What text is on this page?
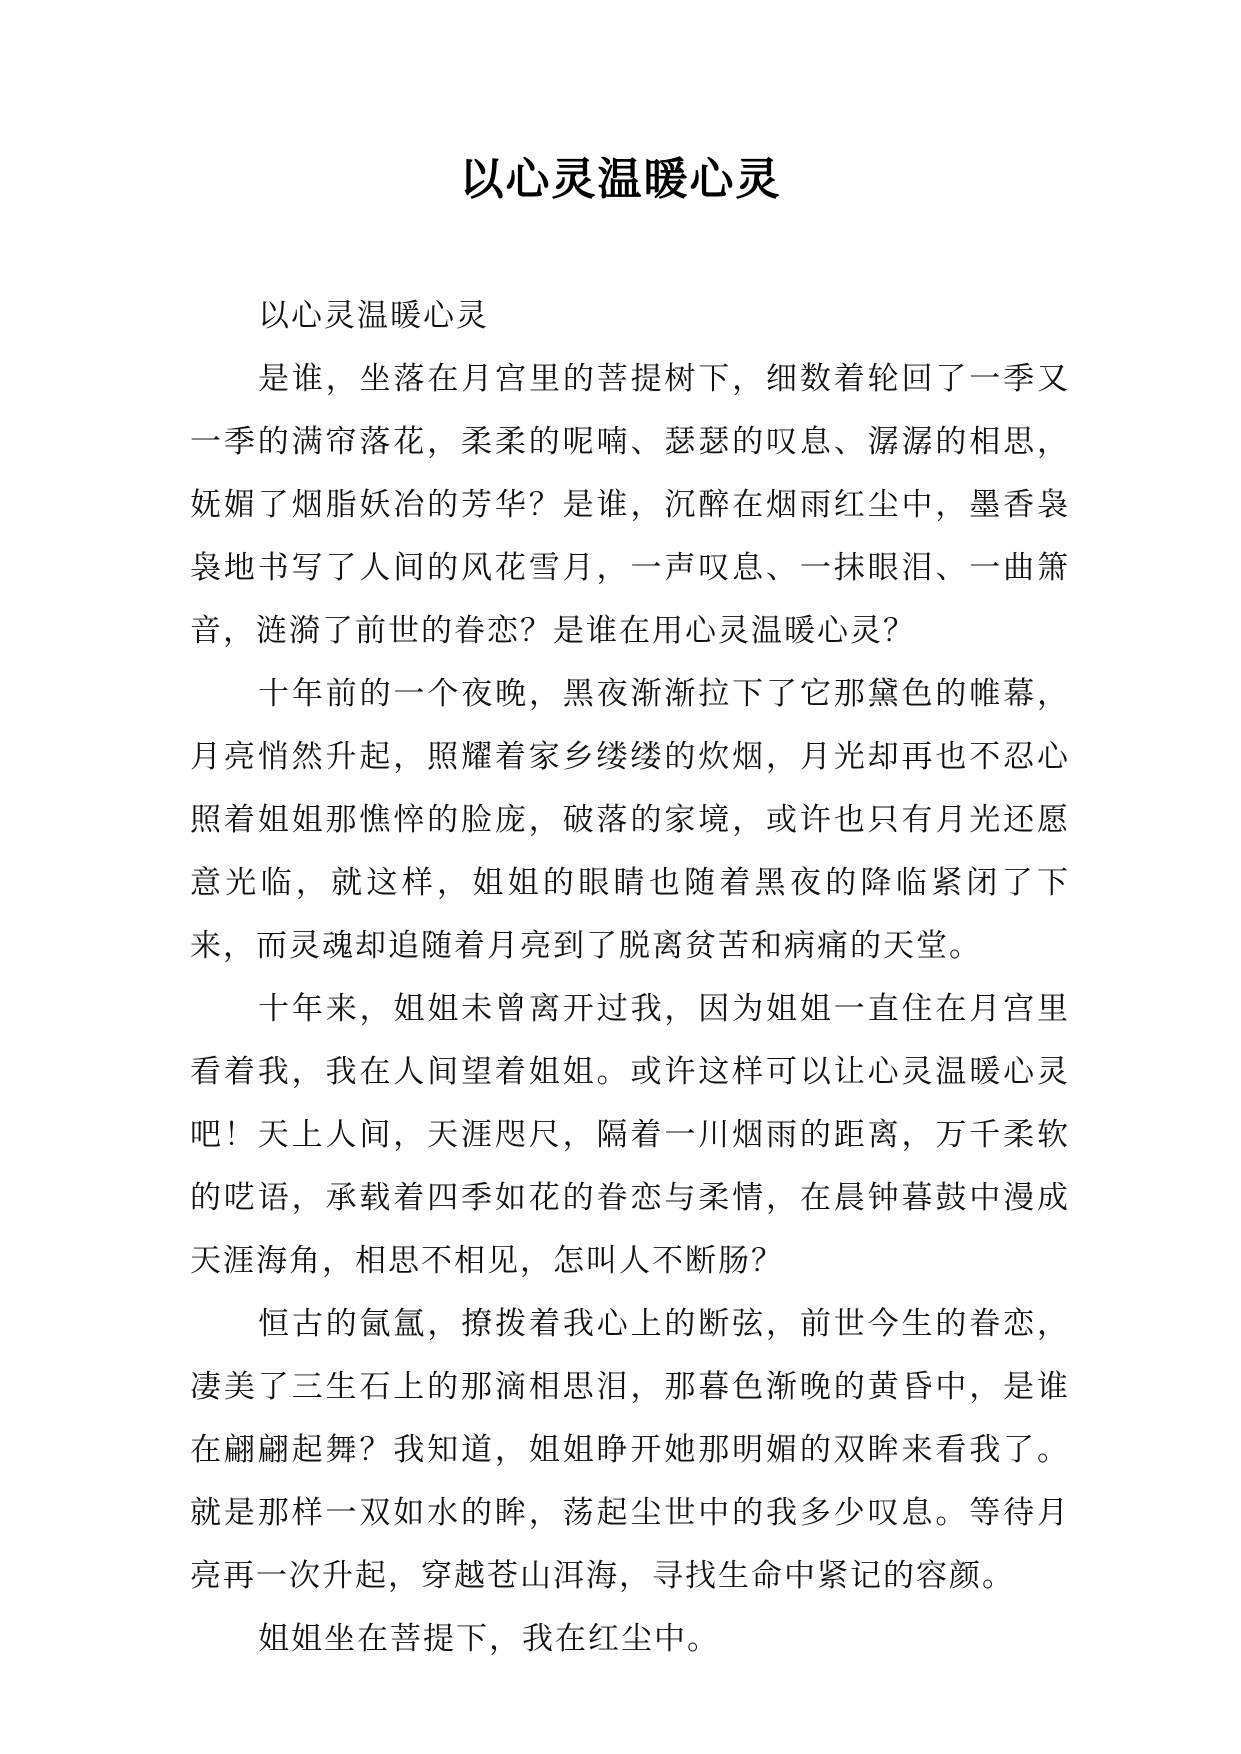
以心灵温暖心灵

以心灵温暖心灵

是谁，坐落在月宫里的菩提树下，细数着轮回了一季又一季的满帘落花，柔柔的呢喃、瑟瑟的叹息、潺潺的相思，妩媚了烟脂妖冶的芳华？是谁，沉醉在烟雨红尘中，墨香袅袅地书写了人间的风花雪月，一声叹息、一抹眼泪、一曲箫音，涟漪了前世的眷恋？是谁在用心灵温暖心灵？

十年前的一个夜晚，黑夜渐渐拉下了它那黛色的帷幕，月亮悄然升起，照耀着家乡缕缕的炊烟，月光却再也不忍心照着姐姐那憔悴的脸庞，破落的家境，或许也只有月光还愿意光临，就这样，姐姐的眼睛也随着黑夜的降临紧闭了下来，而灵魂却追随着月亮到了脱离贫苦和病痛的天堂。

十年来，姐姐未曾离开过我，因为姐姐一直住在月宫里看着我，我在人间望着姐姐。或许这样可以让心灵温暖心灵吧！天上人间，天涯咫尺，隔着一川烟雨的距离，万千柔软的呓语，承载着四季如花的眷恋与柔情，在晨钟暮鼓中漫成天涯海角，相思不相见，怎叫人不断肠？

恒古的氤氲，撩拨着我心上的断弦，前世今生的眷恋，凄美了三生石上的那滴相思泪，那暮色渐晚的黄昏中，是谁在翩翩起舞？我知道，姐姐睁开她那明媚的双眸来看我了。就是那样一双如水的眸，荡起尘世中的我多少叹息。等待月亮再一次升起，穿越苍山洱海，寻找生命中紧记的容颜。

姐姐坐在菩提下，我在红尘中。
